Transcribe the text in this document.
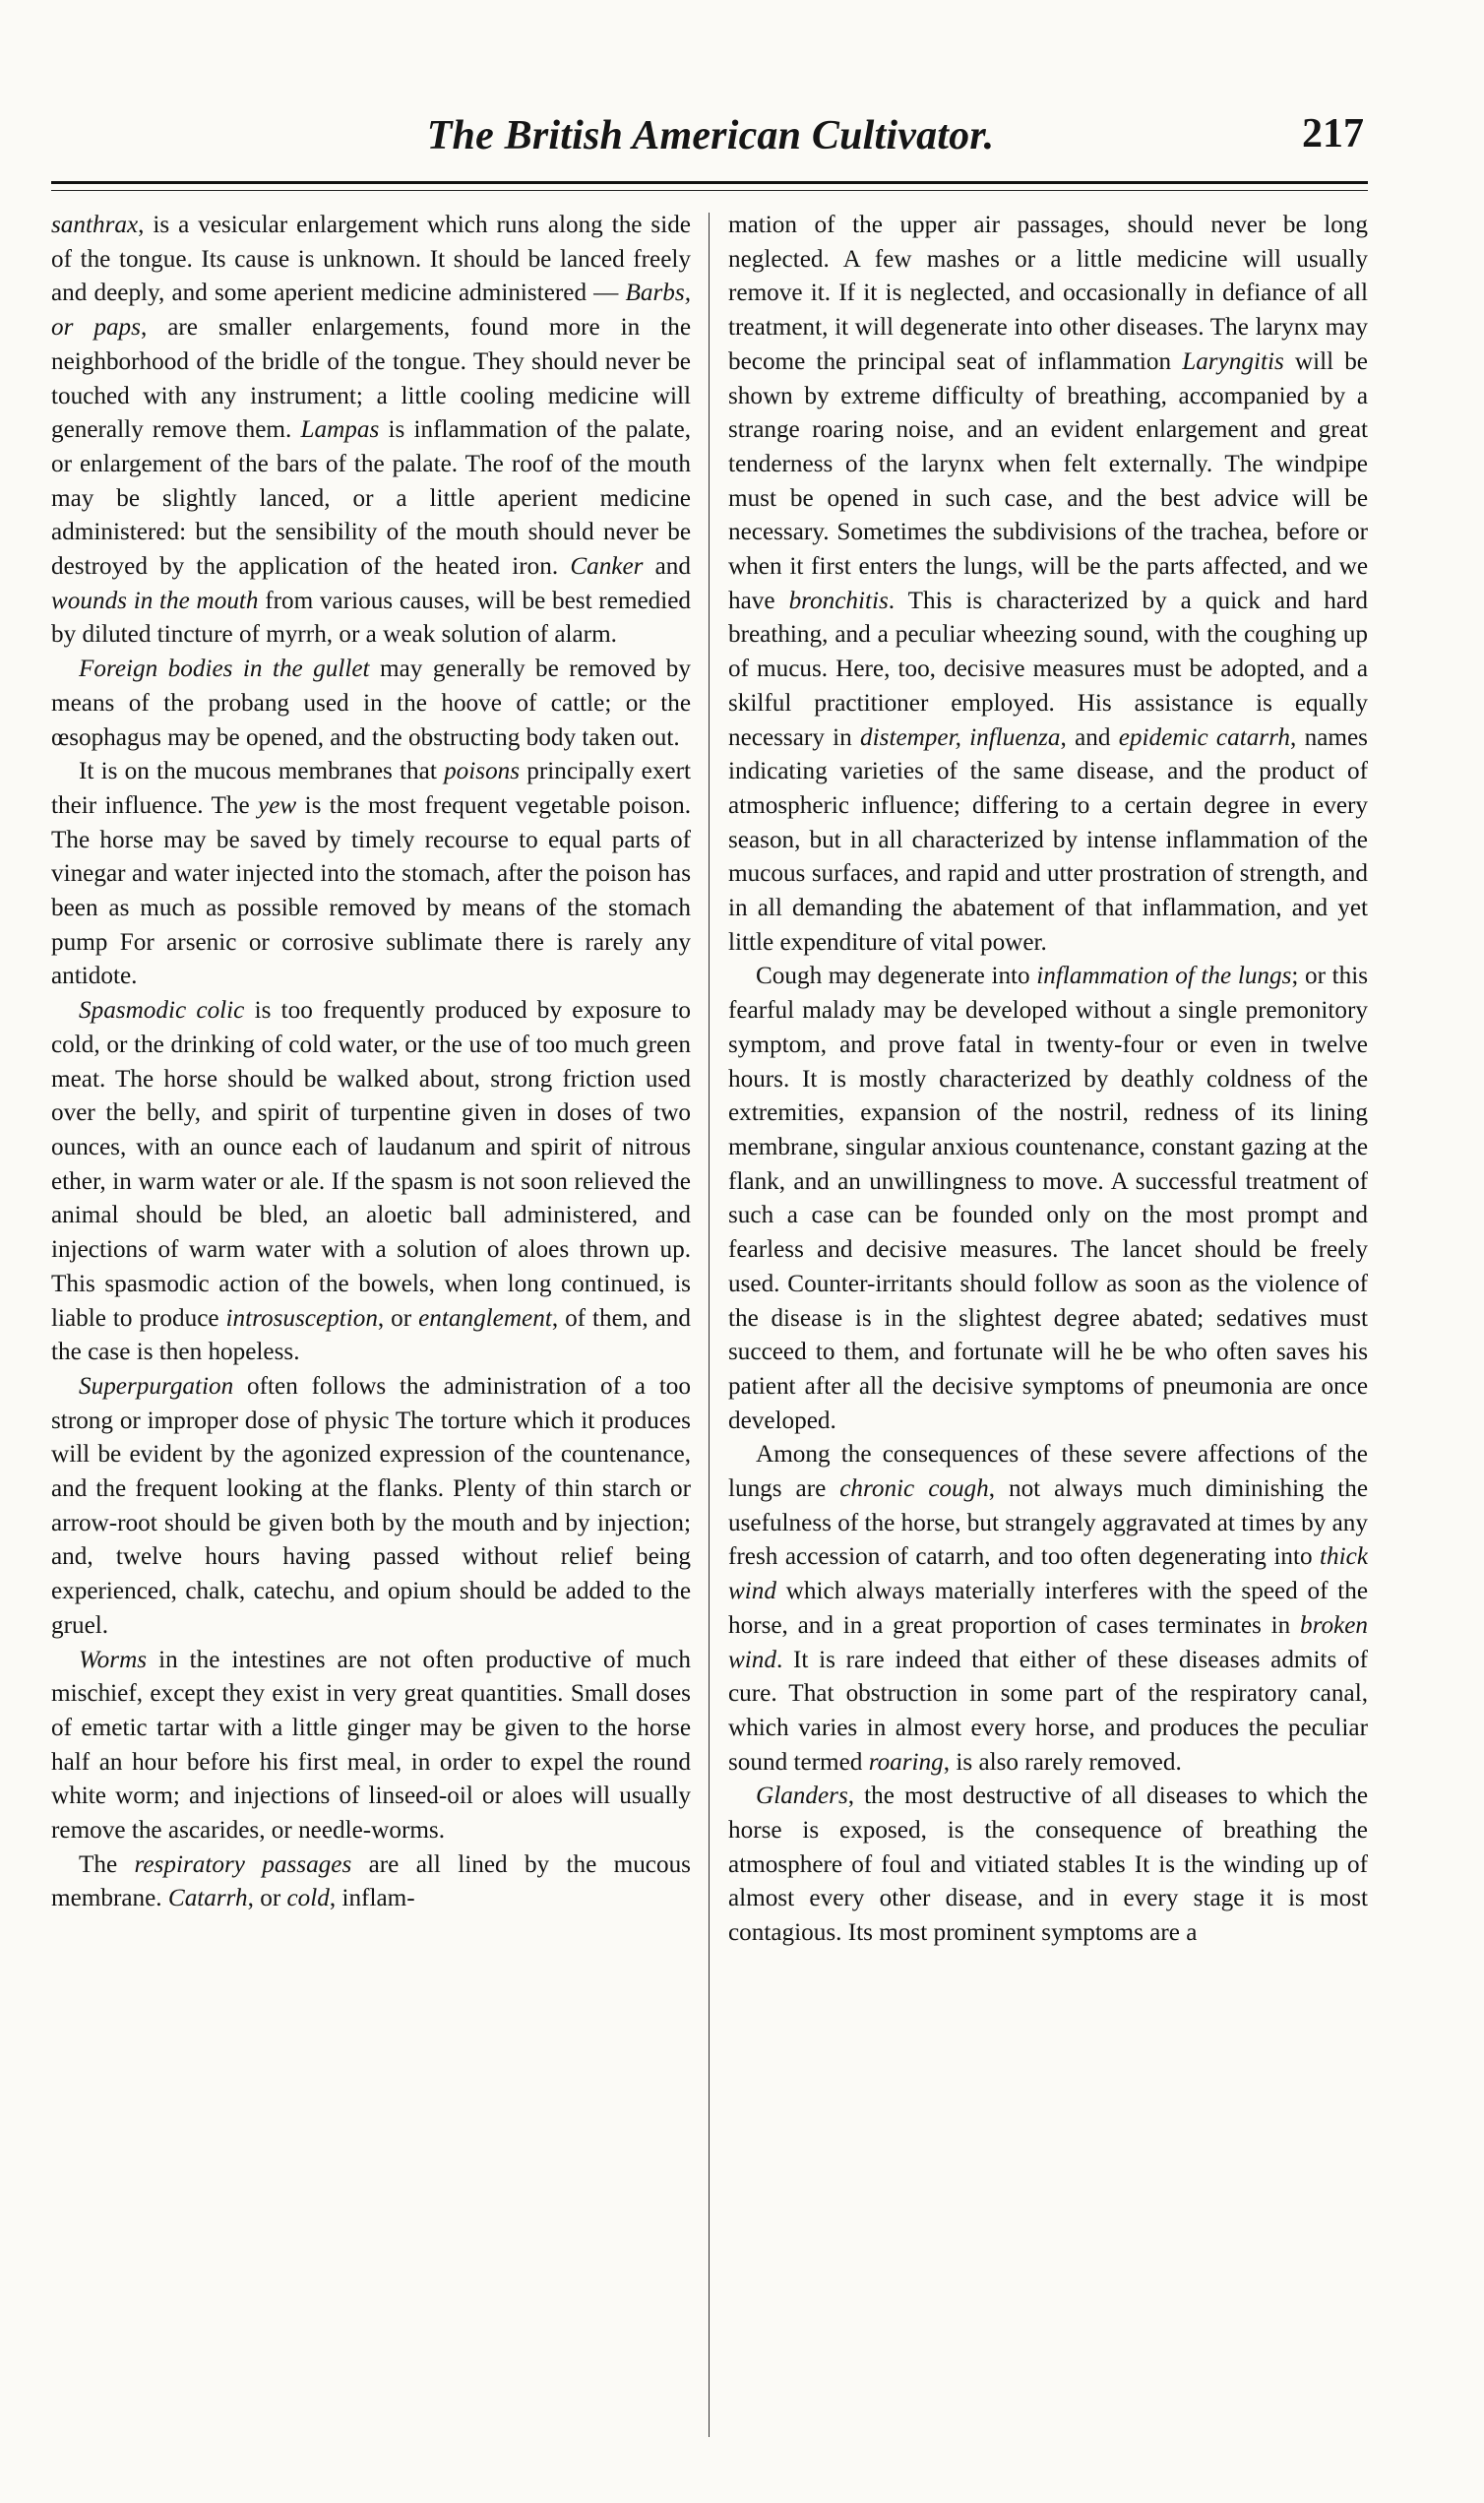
The British American Cultivator.	217

santhrax, is a vesicular enlargement which runs along the side of the tongue. Its cause is unknown. It should be lanced freely and deeply, and some aperient medicine administered — Barbs, or paps, are smaller enlargements, found more in the neighborhood of the bridle of the tongue. They should never be touched with any instrument; a little cooling medicine will generally remove them. Lampas is inflammation of the palate, or enlargement of the bars of the palate. The roof of the mouth may be slightly lanced, or a little aperient medicine administered: but the sensibility of the mouth should never be destroyed by the application of the heated iron. Canker and wounds in the mouth from various causes, will be best remedied by diluted tincture of myrrh, or a weak solution of alarm.

Foreign bodies in the gullet may generally be removed by means of the probang used in the hoove of cattle; or the œsophagus may be opened, and the obstructing body taken out.

It is on the mucous membranes that poisons principally exert their influence. The yew is the most frequent vegetable poison. The horse may be saved by timely recourse to equal parts of vinegar and water injected into the stomach, after the poison has been as much as possible removed by means of the stomach pump For arsenic or corrosive sublimate there is rarely any antidote.

Spasmodic colic is too frequently produced by exposure to cold, or the drinking of cold water, or the use of too much green meat. The horse should be walked about, strong friction used over the belly, and spirit of turpentine given in doses of two ounces, with an ounce each of laudanum and spirit of nitrous ether, in warm water or ale. If the spasm is not soon relieved the animal should be bled, an aloetic ball administered, and injections of warm water with a solution of aloes thrown up. This spasmodic action of the bowels, when long continued, is liable to produce introsusception, or entanglement, of them, and the case is then hopeless.

Superpurgation often follows the administration of a too strong or improper dose of physic The torture which it produces will be evident by the agonized expression of the countenance, and the frequent looking at the flanks. Plenty of thin starch or arrow-root should be given both by the mouth and by injection; and, twelve hours having passed without relief being experienced, chalk, catechu, and opium should be added to the gruel.

Worms in the intestines are not often productive of much mischief, except they exist in very great quantities. Small doses of emetic tartar with a little ginger may be given to the horse half an hour before his first meal, in order to expel the round white worm; and injections of linseed-oil or aloes will usually remove the ascarides, or needle-worms.

The respiratory passages are all lined by the mucous membrane. Catarrh, or cold, inflam-

mation of the upper air passages, should never be long neglected. A few mashes or a little medicine will usually remove it. If it is neglected, and occasionally in defiance of all treatment, it will degenerate into other diseases. The larynx may become the principal seat of inflammation Laryngitis will be shown by extreme difficulty of breathing, accompanied by a strange roaring noise, and an evident enlargement and great tenderness of the larynx when felt externally. The windpipe must be opened in such case, and the best advice will be necessary. Sometimes the subdivisions of the trachea, before or when it first enters the lungs, will be the parts affected, and we have bronchitis. This is characterized by a quick and hard breathing, and a peculiar wheezing sound, with the coughing up of mucus. Here, too, decisive measures must be adopted, and a skilful practitioner employed. His assistance is equally necessary in distemper, influenza, and epidemic catarrh, names indicating varieties of the same disease, and the product of atmospheric influence; differing to a certain degree in every season, but in all characterized by intense inflammation of the mucous surfaces, and rapid and utter prostration of strength, and in all demanding the abatement of that inflammation, and yet little expenditure of vital power.

Cough may degenerate into inflammation of the lungs; or this fearful malady may be developed without a single premonitory symptom, and prove fatal in twenty-four or even in twelve hours. It is mostly characterized by deathly coldness of the extremities, expansion of the nostril, redness of its lining membrane, singular anxious countenance, constant gazing at the flank, and an unwillingness to move. A successful treatment of such a case can be founded only on the most prompt and fearless and decisive measures. The lancet should be freely used. Counter-irritants should follow as soon as the violence of the disease is in the slightest degree abated; sedatives must succeed to them, and fortunate will he be who often saves his patient after all the decisive symptoms of pneumonia are once developed.

Among the consequences of these severe affections of the lungs are chronic cough, not always much diminishing the usefulness of the horse, but strangely aggravated at times by any fresh accession of catarrh, and too often degenerating into thick wind which always materially interferes with the speed of the horse, and in a great proportion of cases terminates in broken wind. It is rare indeed that either of these diseases admits of cure. That obstruction in some part of the respiratory canal, which varies in almost every horse, and produces the peculiar sound termed roaring, is also rarely removed.

Glanders, the most destructive of all diseases to which the horse is exposed, is the consequence of breathing the atmosphere of foul and vitiated stables It is the winding up of almost every other disease, and in every stage it is most contagious. Its most prominent symptoms are a
